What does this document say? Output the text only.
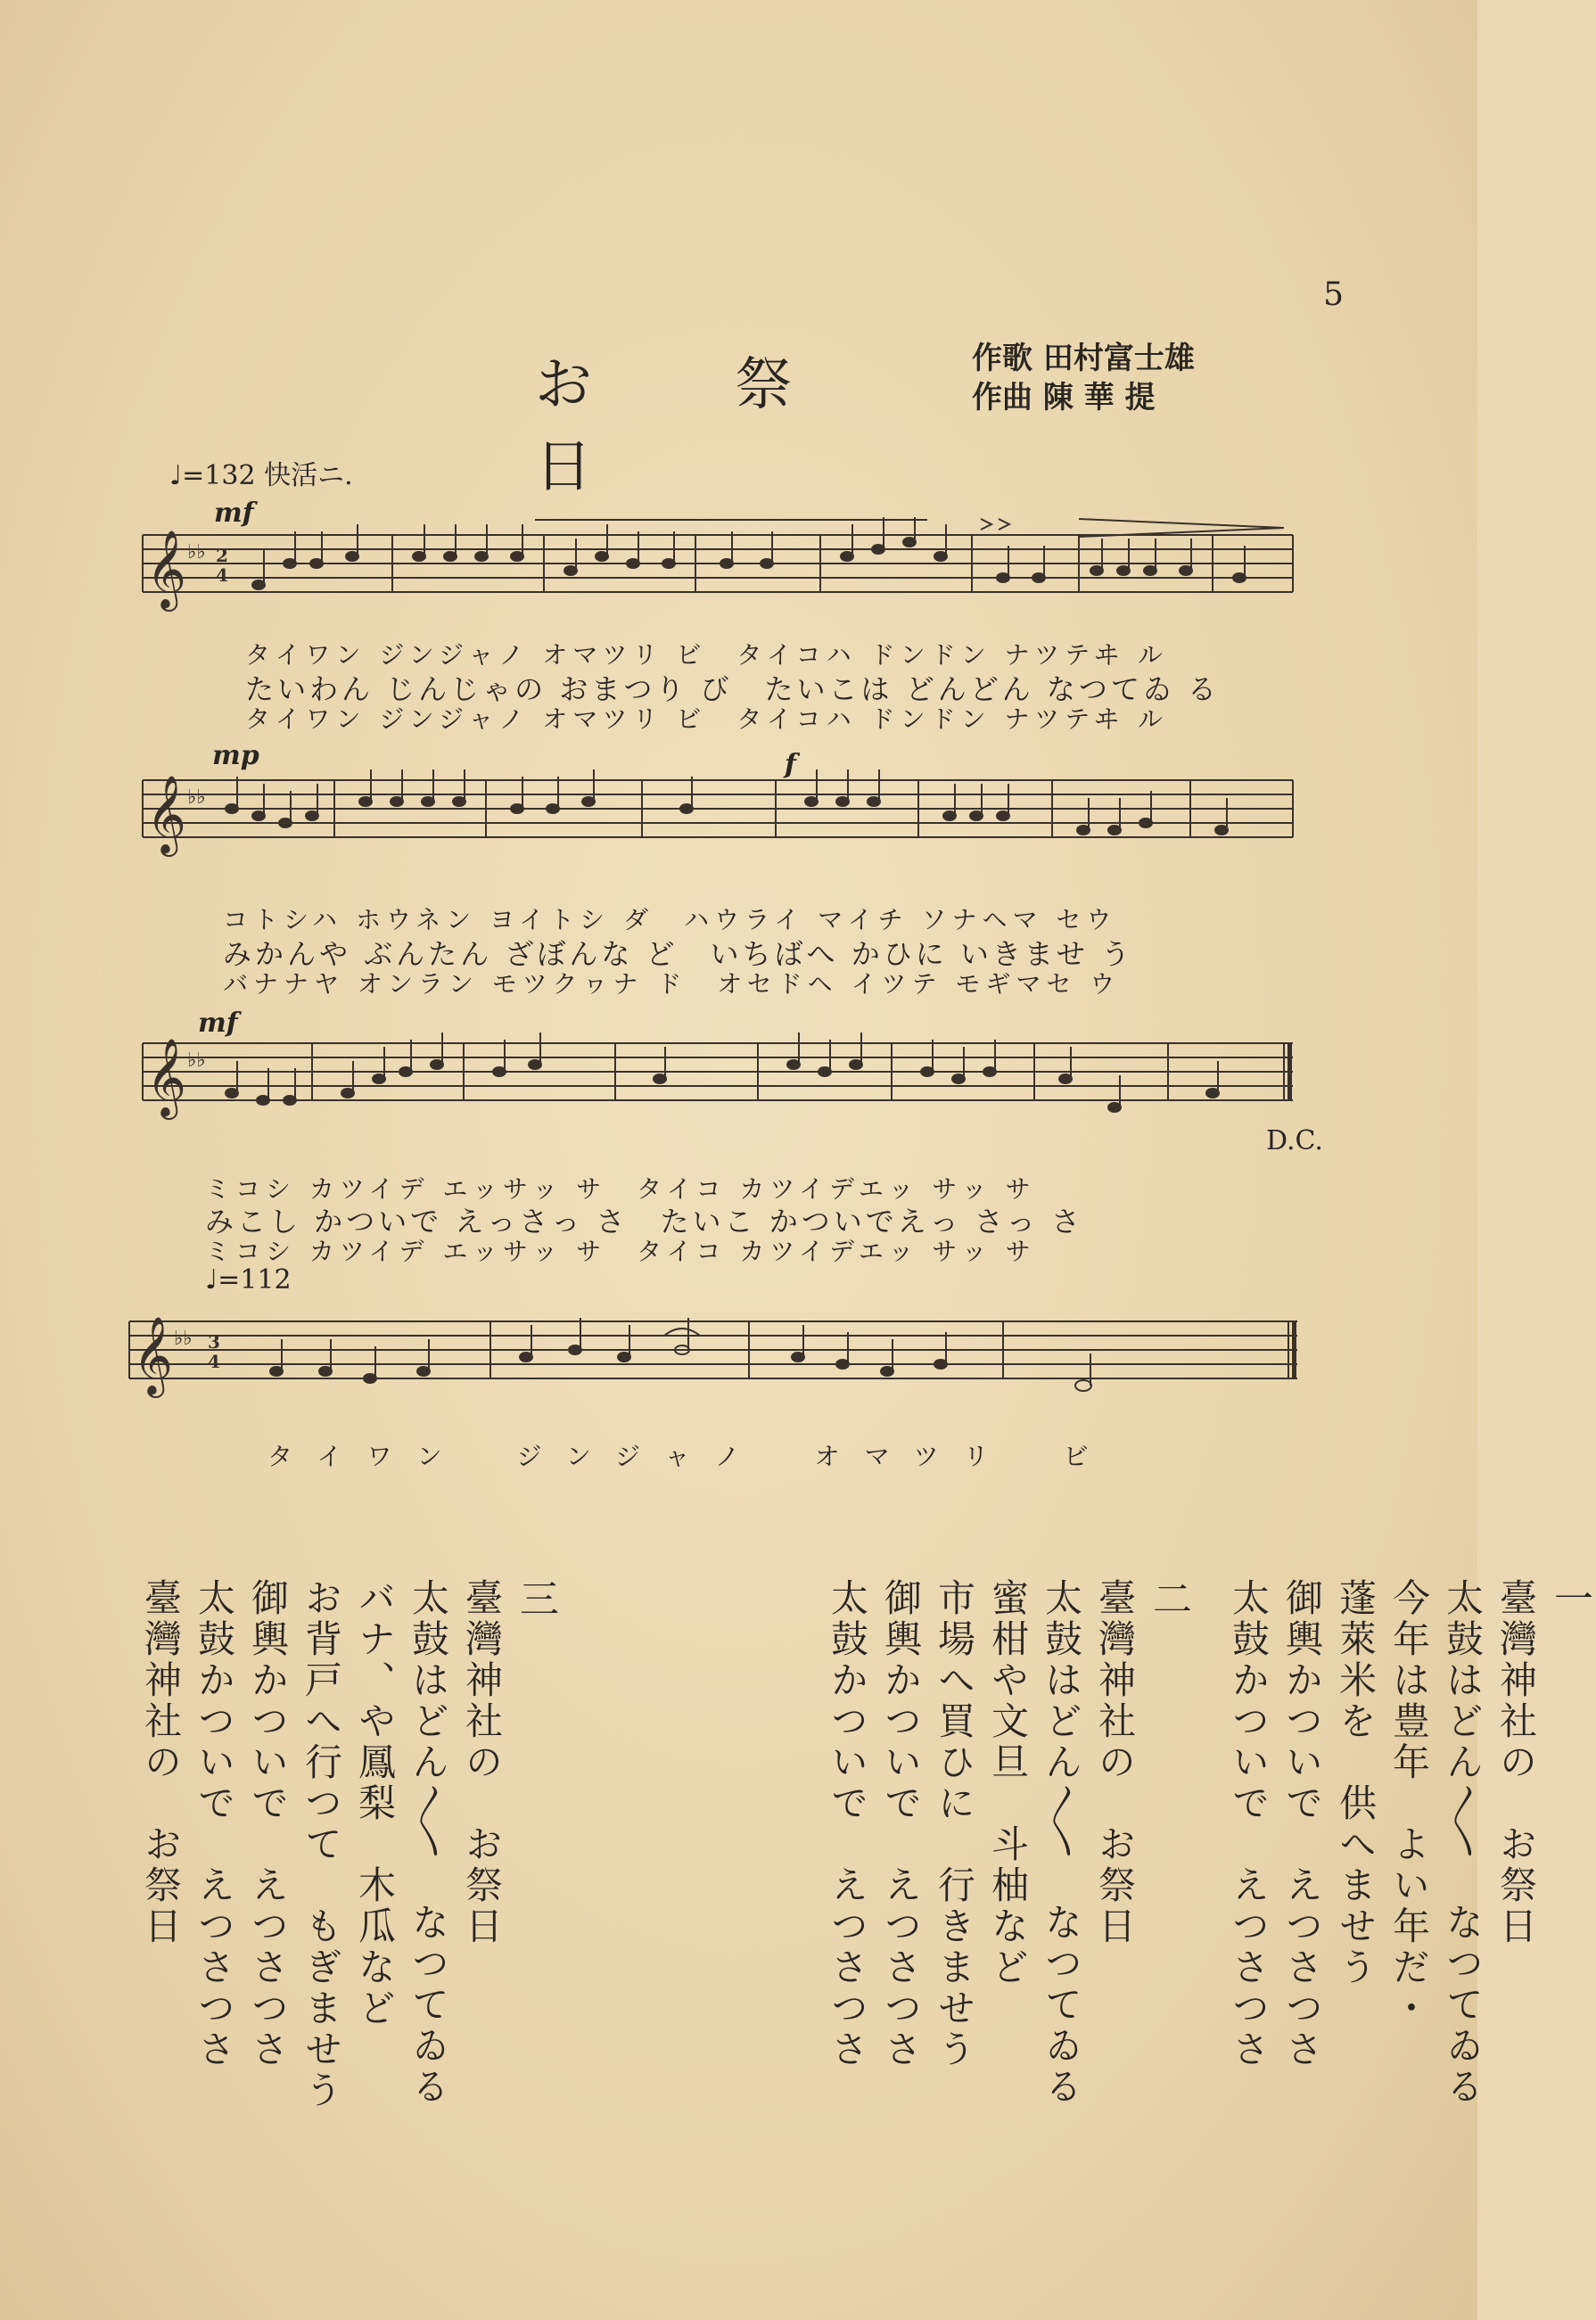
5
お 祭 日
作歌 田村富士雄
作曲 陳 華 提
♩=132 快活ニ.
mf
mp	f
mf
♩=112
D.C.
𝄞 ♭♭ 2
4
タイワン ジンジャノ オマツリ ビ　タイコハ ドンドン ナツテヰ ル
たいわん じんじゃの おまつり び　たいこは どんどん なつてゐ る
タイワン ジンジャノ オマツリ ビ　タイコハ ドンドン ナツテヰ ル
𝄞 ♭♭
コトシハ ホウネン ヨイトシ ダ　ハウライ マイチ ソナヘマ セウ
みかんや ぶんたん ざぼんな ど　いちばへ かひに いきませ う
バナナヤ オンラン モツクヮナ ド　オセドヘ イツテ モギマセ ウ
𝄞 ♭♭
ミコシ カツイデ エッサッ サ　タイコ カツイデエッ サッ サ
みこし かついで えっさっ さ　たいこ かついでえっ さっ さ
ミコシ カツイデ エッサッ サ　タイコ カツイデエッ サッ サ
𝄞 ♭♭ 3
4
タイワン　ジンジャノ　オマツリ　ビ

一

臺灣神社の　お祭日

太鼓はどん〳〵　なつてゐる

今年は豊年　よい年だ・

蓬萊米を　供へませう

御輿かついで　えつさつさ

太鼓かついで　えつさつさ

二

臺灣神社の　お祭日

太鼓はどん〳〵　なつてゐる

蜜柑や文旦　斗柚など

市場へ買ひに　行きませう

御輿かついで　えつさつさ

太鼓かついで　えつさつさ

三

臺灣神社の　お祭日

太鼓はどん〳〵　なつてゐる

バナ、や鳳梨　木瓜など

お背戸へ行つて　もぎませう

御輿かついで　えつさつさ

太鼓かついで　えつさつさ

臺灣神社の　お祭日
